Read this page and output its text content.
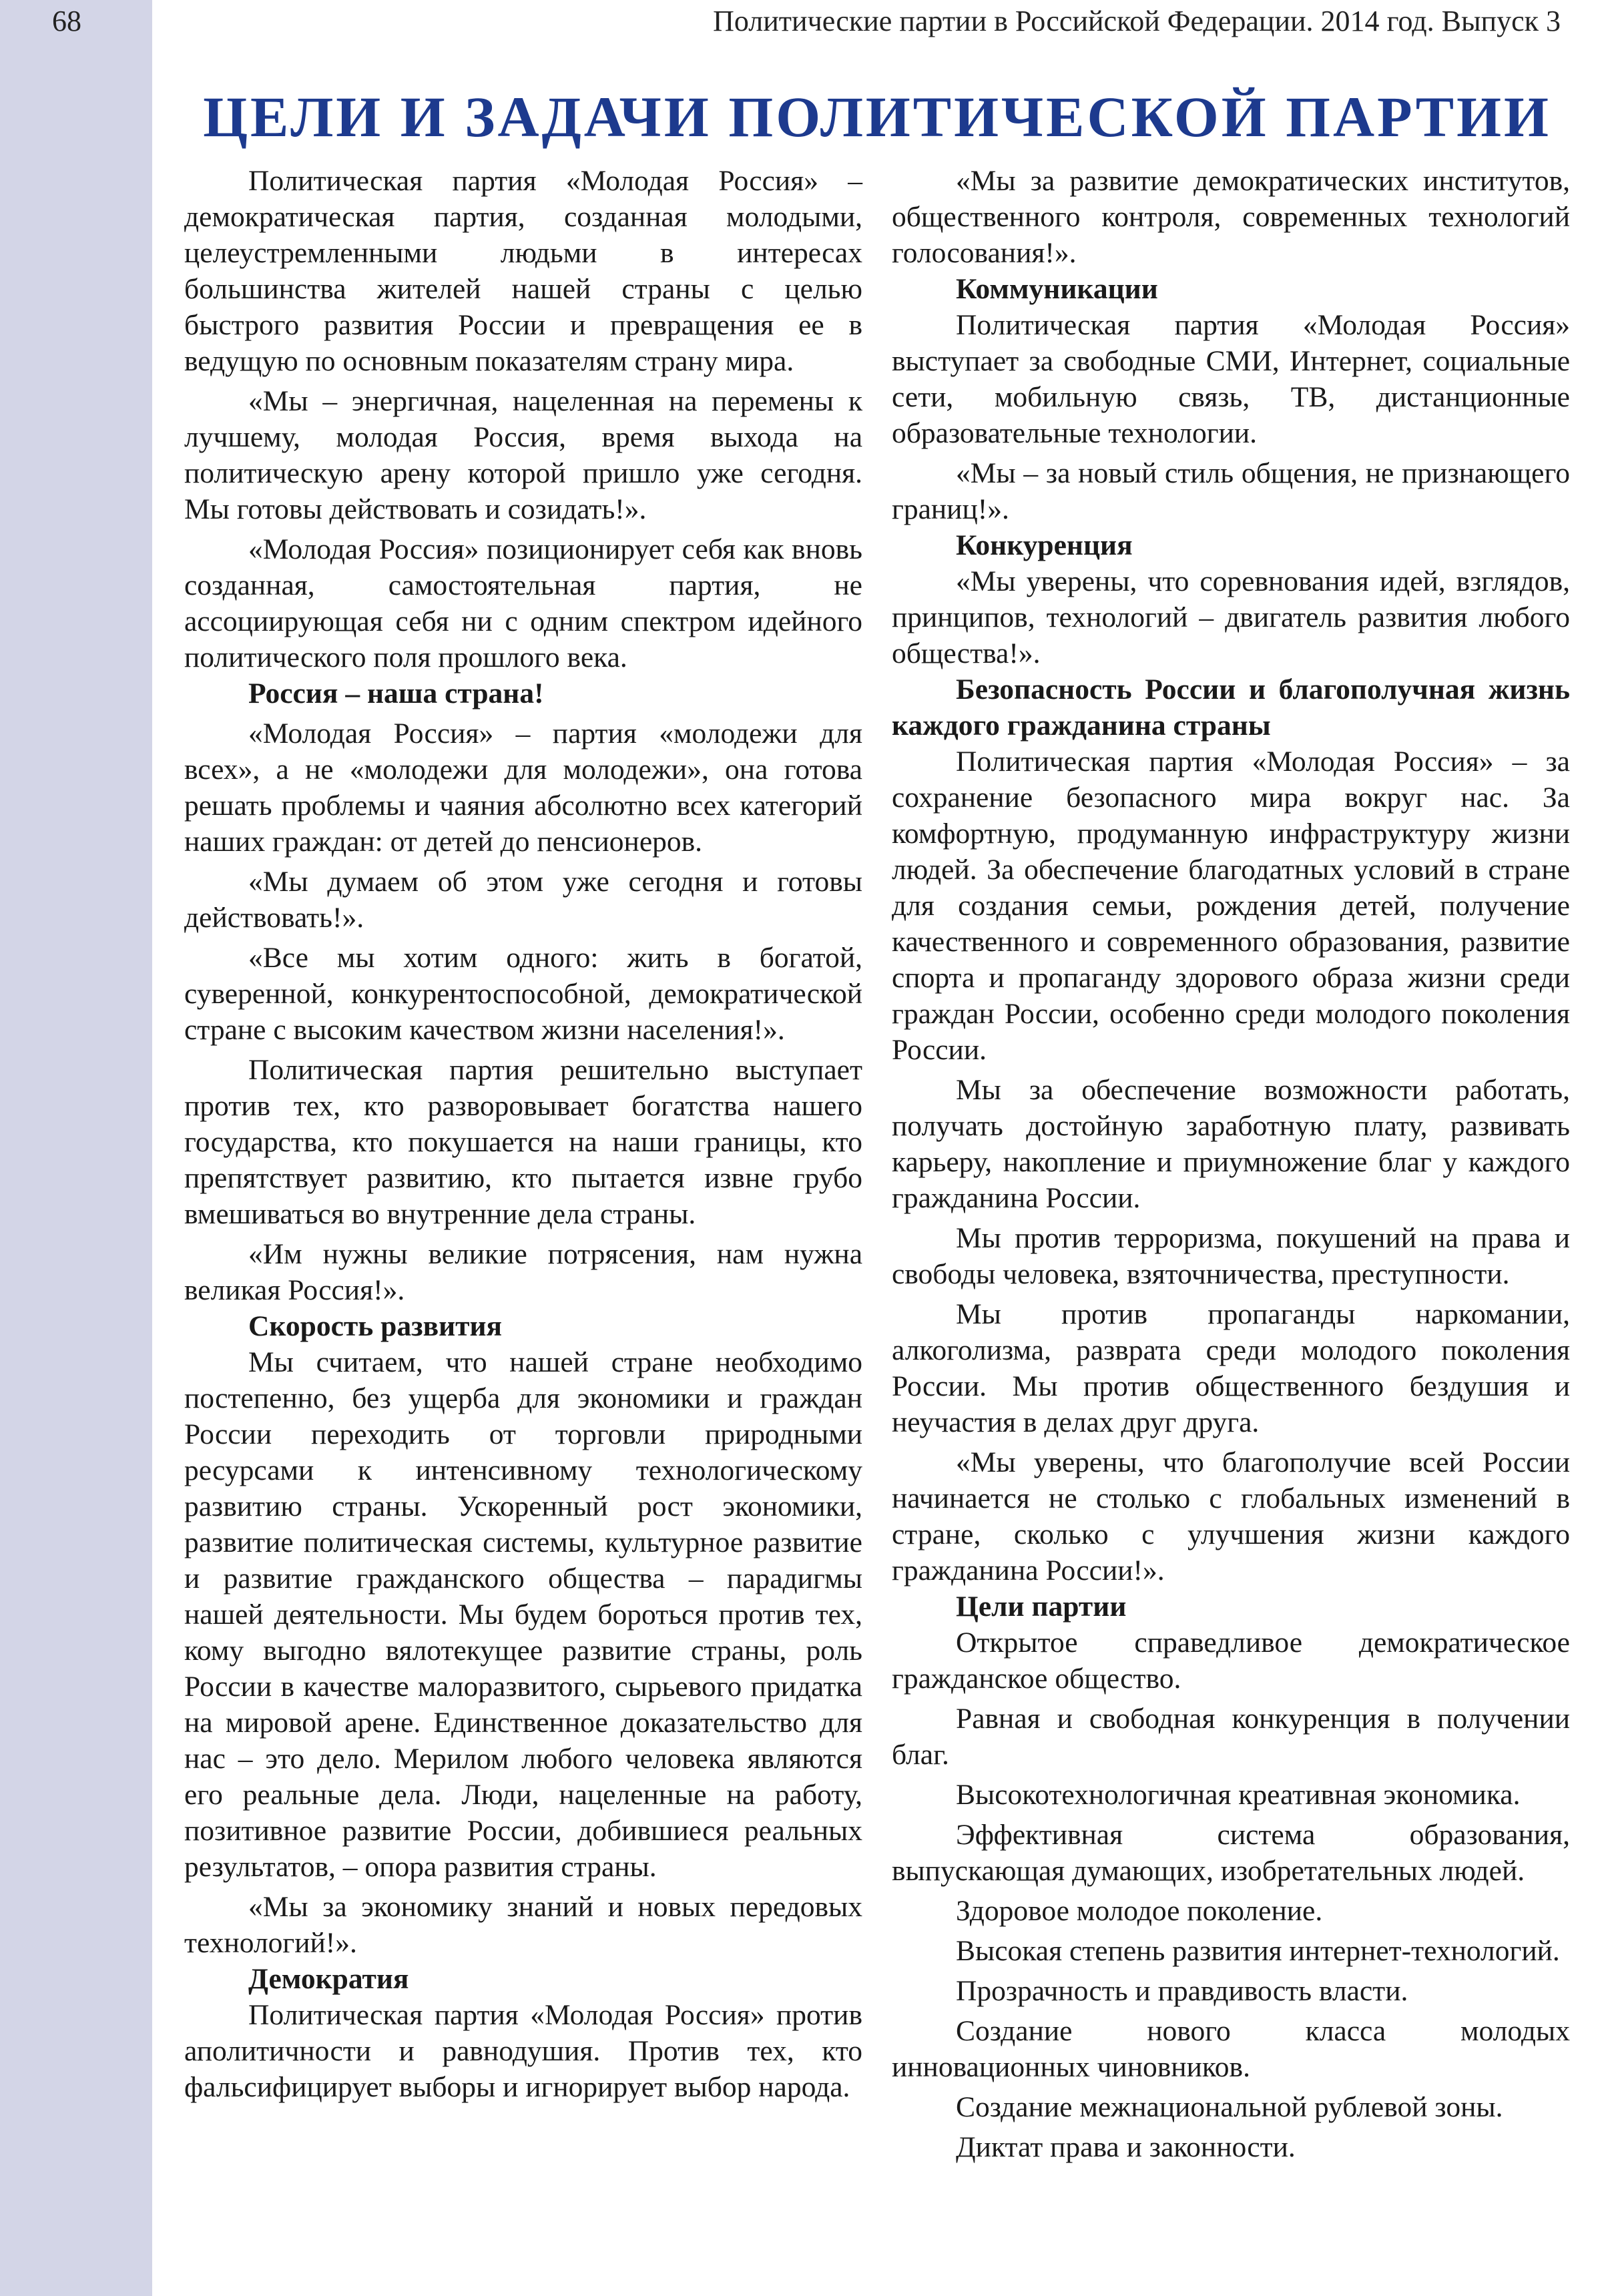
68	Политические партии в Российской Федерации. 2014 год. Выпуск 3
ЦЕЛИ И ЗАДАЧИ ПОЛИТИЧЕСКОЙ ПАРТИИ

Политическая партия «Молодая Россия» – демократическая партия, созданная молодыми, целеустремленными людьми в интересах большинства жителей нашей страны с целью быстрого развития России и превращения ее в ведущую по основным показателям страну мира.

«Мы – энергичная, нацеленная на перемены к лучшему, молодая Россия, время выхода на политическую арену которой пришло уже сегодня. Мы готовы действовать и созидать!».

«Молодая Россия» позиционирует себя как вновь созданная, самостоятельная партия, не ассоциирующая себя ни с одним спектром идейного политического поля прошлого века.

Россия – наша страна!

«Молодая Россия» – партия «молодежи для всех», а не «молодежи для молодежи», она готова решать проблемы и чаяния абсолютно всех категорий наших граждан: от детей до пенсионеров.

«Мы думаем об этом уже сегодня и готовы действовать!».

«Все мы хотим одного: жить в богатой, суверенной, конкурентоспособной, демократической стране с высоким качеством жизни населения!».

Политическая партия решительно выступает против тех, кто разворовывает богатства нашего государства, кто покушается на наши границы, кто препятствует развитию, кто пытается извне грубо вмешиваться во внутренние дела страны.

«Им нужны великие потрясения, нам нужна великая Россия!».

Скорость развития

Мы считаем, что нашей стране необходимо постепенно, без ущерба для экономики и граждан России переходить от торговли природными ресурсами к интенсивному технологическому развитию страны. Ускоренный рост экономики, развитие политическая системы, культурное развитие и развитие гражданского общества – парадигмы нашей деятельности. Мы будем бороться против тех, кому выгодно вялотекущее развитие страны, роль России в качестве малоразвитого, сырьевого придатка на мировой арене. Единственное доказательство для нас – это дело. Мерилом любого человека являются его реальные дела. Люди, нацеленные на работу, позитивное развитие России, добившиеся реальных результатов, – опора развития страны.

«Мы за экономику знаний и новых передовых технологий!».

Демократия

Политическая партия «Молодая Россия» против аполитичности и равнодушия. Против тех, кто фальсифицирует выборы и игнорирует выбор народа.

«Мы за развитие демократических институтов, общественного контроля, современных технологий голосования!».

Коммуникации

Политическая партия «Молодая Россия» выступает за свободные СМИ, Интернет, социальные сети, мобильную связь, ТВ, дистанционные образовательные технологии.

«Мы – за новый стиль общения, не признающего границ!».

Конкуренция

«Мы уверены, что соревнования идей, взглядов, принципов, технологий – двигатель развития любого общества!».

Безопасность России и благополучная жизнь каждого гражданина страны

Политическая партия «Молодая Россия» – за сохранение безопасного мира вокруг нас. За комфортную, продуманную инфраструктуру жизни людей. За обеспечение благодатных условий в стране для создания семьи, рождения детей, получение качественного и современного образования, развитие спорта и пропаганду здорового образа жизни среди граждан России, особенно среди молодого поколения России.

Мы за обеспечение возможности работать, получать достойную заработную плату, развивать карьеру, накопление и приумножение благ у каждого гражданина России.

Мы против терроризма, покушений на права и свободы человека, взяточничества, преступности.

Мы против пропаганды наркомании, алкоголизма, разврата среди молодого поколения России. Мы против общественного бездушия и неучастия в делах друг друга.

«Мы уверены, что благополучие всей России начинается не столько с глобальных изменений в стране, сколько с улучшения жизни каждого гражданина России!».

Цели партии

Открытое справедливое демократическое гражданское общество.

Равная и свободная конкуренция в получении благ.

Высокотехнологичная креативная экономика.

Эффективная система образования, выпускающая думающих, изобретательных людей.

Здоровое молодое поколение.

Высокая степень развития интернет-технологий.

Прозрачность и правдивость власти.

Создание нового класса молодых инновационных чиновников.

Создание межнациональной рублевой зоны.

Диктат права и законности.
